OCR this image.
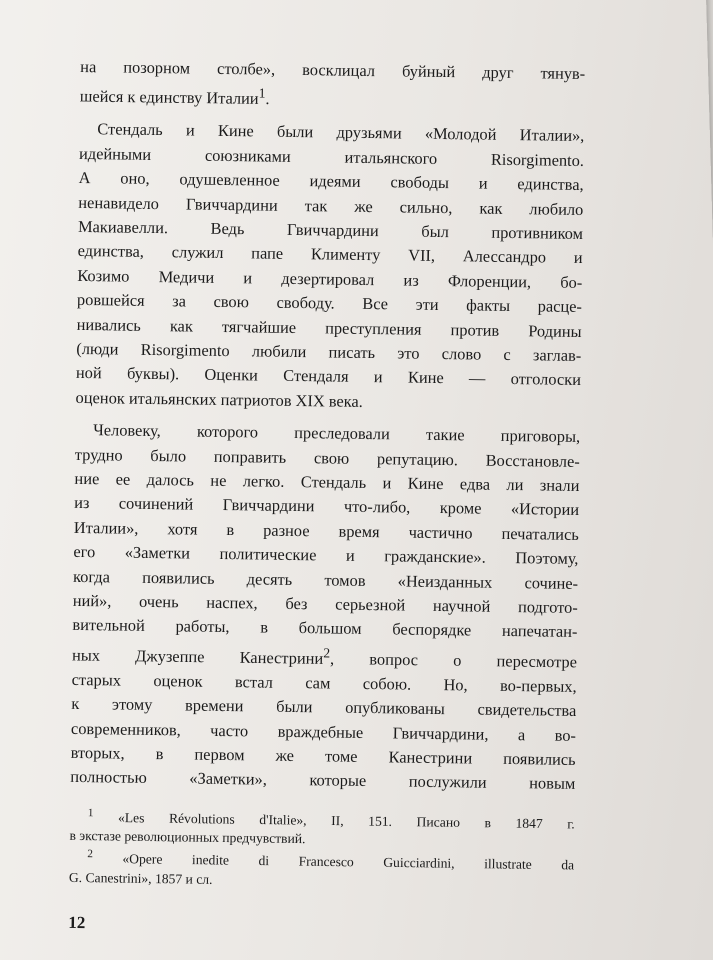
на позорном столбе», восклицал буйный друг тянув-
шейся к единству Италии$^1$.
Стендаль и Кине были друзьями «Молодой Италии»,
идейными союзниками итальянского Risorgimento.
А оно, одушевленное идеями свободы и единства,
ненавидело Гвиччардини так же сильно, как любило
Макиавелли. Ведь Гвиччардини был противником
единства, служил папе Клименту VII, Алессандро и
Козимо Медичи и дезертировал из Флоренции, бо-
ровшейся за свою свободу. Все эти факты расце-
нивались как тягчайшие преступления против Родины
(люди Risorgimento любили писать это слово с заглав-
ной буквы). Оценки Стендаля и Кине — отголоски
оценок итальянских патриотов XIX века.
Человеку, которого преследовали такие приговоры,
трудно было поправить свою репутацию. Восстановле-
ние ее далось не легко. Стендаль и Кине едва ли знали
из сочинений Гвиччардини что-либо, кроме «Истории
Италии», хотя в разное время частично печатались
его «Заметки политические и гражданские». Поэтому,
когда появились десять томов «Неизданных сочине-
ний», очень наспех, без серьезной научной подгото-
вительной работы, в большом беспорядке напечатан-
ных Джузеппе Канестрини$^2$, вопрос о пересмотре
старых оценок встал сам собою. Но, во-первых,
к этому времени были опубликованы свидетельства
современников, часто враждебные Гвиччардини, а во-
вторых, в первом же томе Канестрини появились
полностью «Заметки», которые послужили новым
$^1$ «Les Révolutions d'Italie», II, 151. Писано в 1847 г.
в экстазе революционных предчувствий.
$^2$ «Opere inedite di Francesco Guicciardini, illustrate da
G. Canestrini», 1857 и сл.
12
